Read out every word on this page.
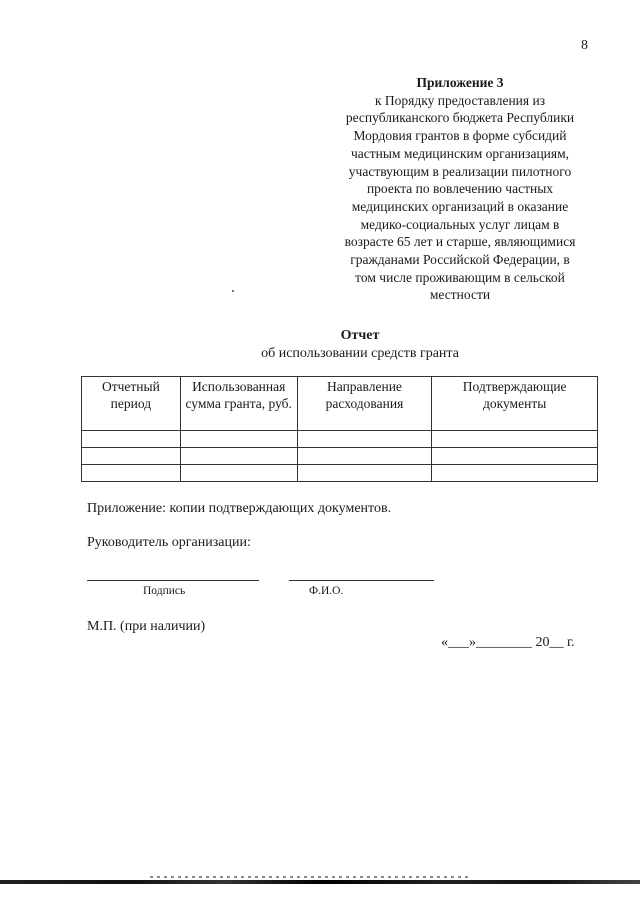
8
Приложение 3
к Порядку предоставления из
республиканского бюджета Республики
Мордовия грантов в форме субсидий
частным медицинским организациям,
участвующим в реализации пилотного
проекта по вовлечению частных
медицинских организаций в оказание
медико-социальных услуг лицам в
возрасте 65 лет и старше, являющимися
гражданами Российской Федерации, в
том числе проживающим в сельской
местности
Отчет
об использовании средств гранта
Отчетный период	Использованная сумма гранта, руб.	Направление расходования	Подтверждающие документы

Приложение: копии подтверждающих документов.
Руководитель организации:
Подпись	Ф.И.О.
М.П. (при наличии)
«___»________ 20__ г.
